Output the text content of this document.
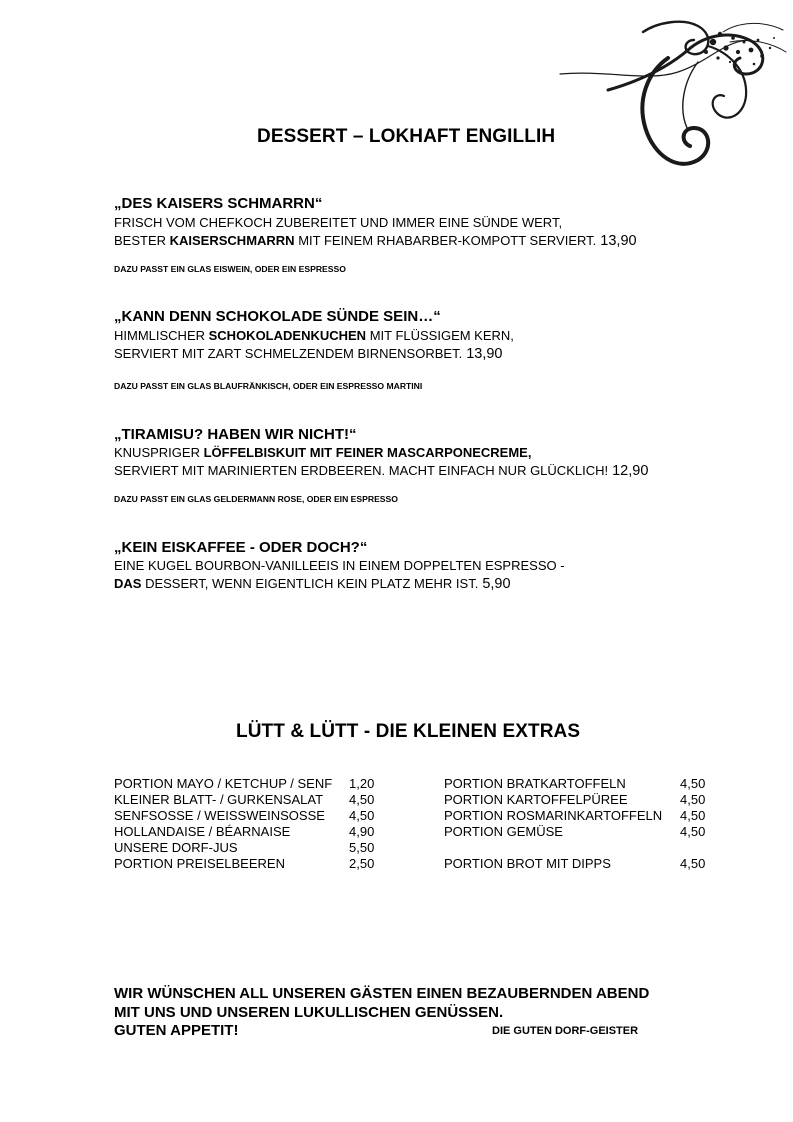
DESSERT – LOKHAFT ENGILLIH
„DES KAISERS SCHMARRN“
FRISCH VOM CHEFKOCH ZUBEREITET UND IMMER EINE SÜNDE WERT,
BESTER KAISERSCHMARRN MIT FEINEM RHABARBER-KOMPOTT SERVIERT. 13,90
DAZU PASST EIN GLAS EISWEIN, ODER EIN ESPRESSO
„KANN DENN SCHOKOLADE SÜNDE SEIN…“
HIMMLISCHER SCHOKOLADENKUCHEN MIT FLÜSSIGEM KERN,
SERVIERT MIT ZART SCHMELZENDEM BIRNENSORBET. 13,90
DAZU PASST EIN GLAS BLAUFRÄNKISCH, ODER EIN ESPRESSO MARTINI
„TIRAMISU? HABEN WIR NICHT!“
KNUSPRIGER LÖFFELBISKUIT MIT FEINER MASCARPONECREME,
SERVIERT MIT MARINIERTEN ERDBEEREN. MACHT EINFACH NUR GLÜCKLICH! 12,90
DAZU PASST EIN GLAS GELDERMANN ROSE, ODER EIN ESPRESSO
„KEIN EISKAFFEE - ODER DOCH?“
EINE KUGEL BOURBON-VANILLEEIS IN EINEM DOPPELTEN ESPRESSO -
DAS DESSERT, WENN EIGENTLICH KEIN PLATZ MEHR IST. 5,90
LÜTT & LÜTT - DIE KLEINEN EXTRAS
PORTION MAYO / KETCHUP / SENF 1,20
KLEINER BLATT- / GURKENSALAT 4,50
SENFSOSSE / WEISSWEINSOSSE 4,50
HOLLANDAISE / BÉARNAISE	4,90
UNSERE DORF-JUS	5,50
PORTION PREISELBEEREN	2,50
PORTION BRATKARTOFFELN	4,50
PORTION KARTOFFELPÜREE	4,50
PORTION ROSMARINKARTOFFELN 4,50
PORTION GEMÜSE	4,50
PORTION BROT MIT DIPPS	4,50
WIR WÜNSCHEN ALL UNSEREN GÄSTEN EINEN BEZAUBERNDEN ABEND
MIT UNS UND UNSEREN LUKULLISCHEN GENÜSSEN.
GUTEN APPETIT!	DIE GUTEN DORF-GEISTER
